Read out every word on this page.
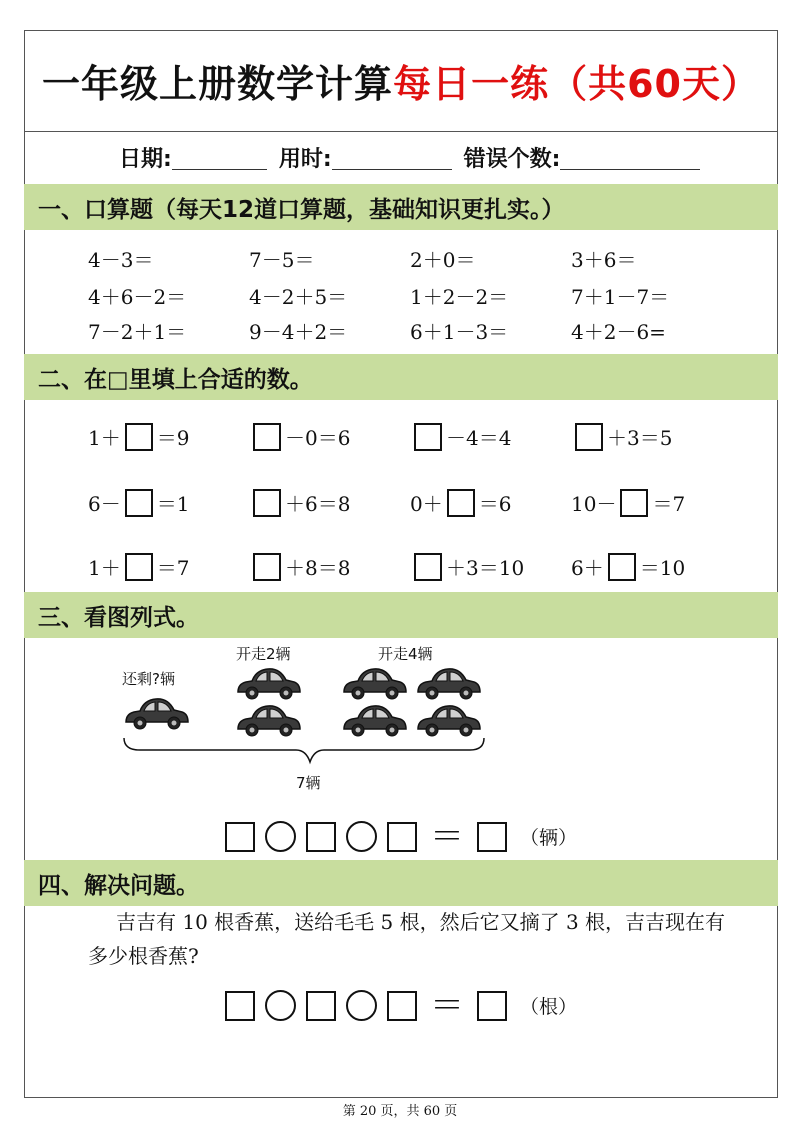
一年级上册数学计算 每日一练（共60天）
日期:	用时:	错误个数:
一、口算题（每天12道口算题，基础知识更扎实。）
4－3＝	7－5＝	2＋0＝	3＋6＝
4＋6－2＝	4－2＋5＝	1＋2－2＝	7＋1－7＝
7－2＋1＝	9－4＋2＝	6＋1－3＝	4＋2－6=
二、在□里填上合适的数。
1＋ ＝9	－0＝6	－4＝4	＋3＝5
6－ ＝1	＋6＝8	0＋ ＝6	10－ ＝7
1＋ ＝7	＋8＝8	＋3＝10 6＋ ＝10
三、看图列式。
还剩?辆
开走2辆	开走4辆
7辆
＝	（辆）
四、解决问题。
吉吉有 10 根香蕉，送给毛毛 5 根，然后它又摘了 3 根，吉吉现在有多少根香蕉?
＝	（根）
第 20 页，共 60 页
